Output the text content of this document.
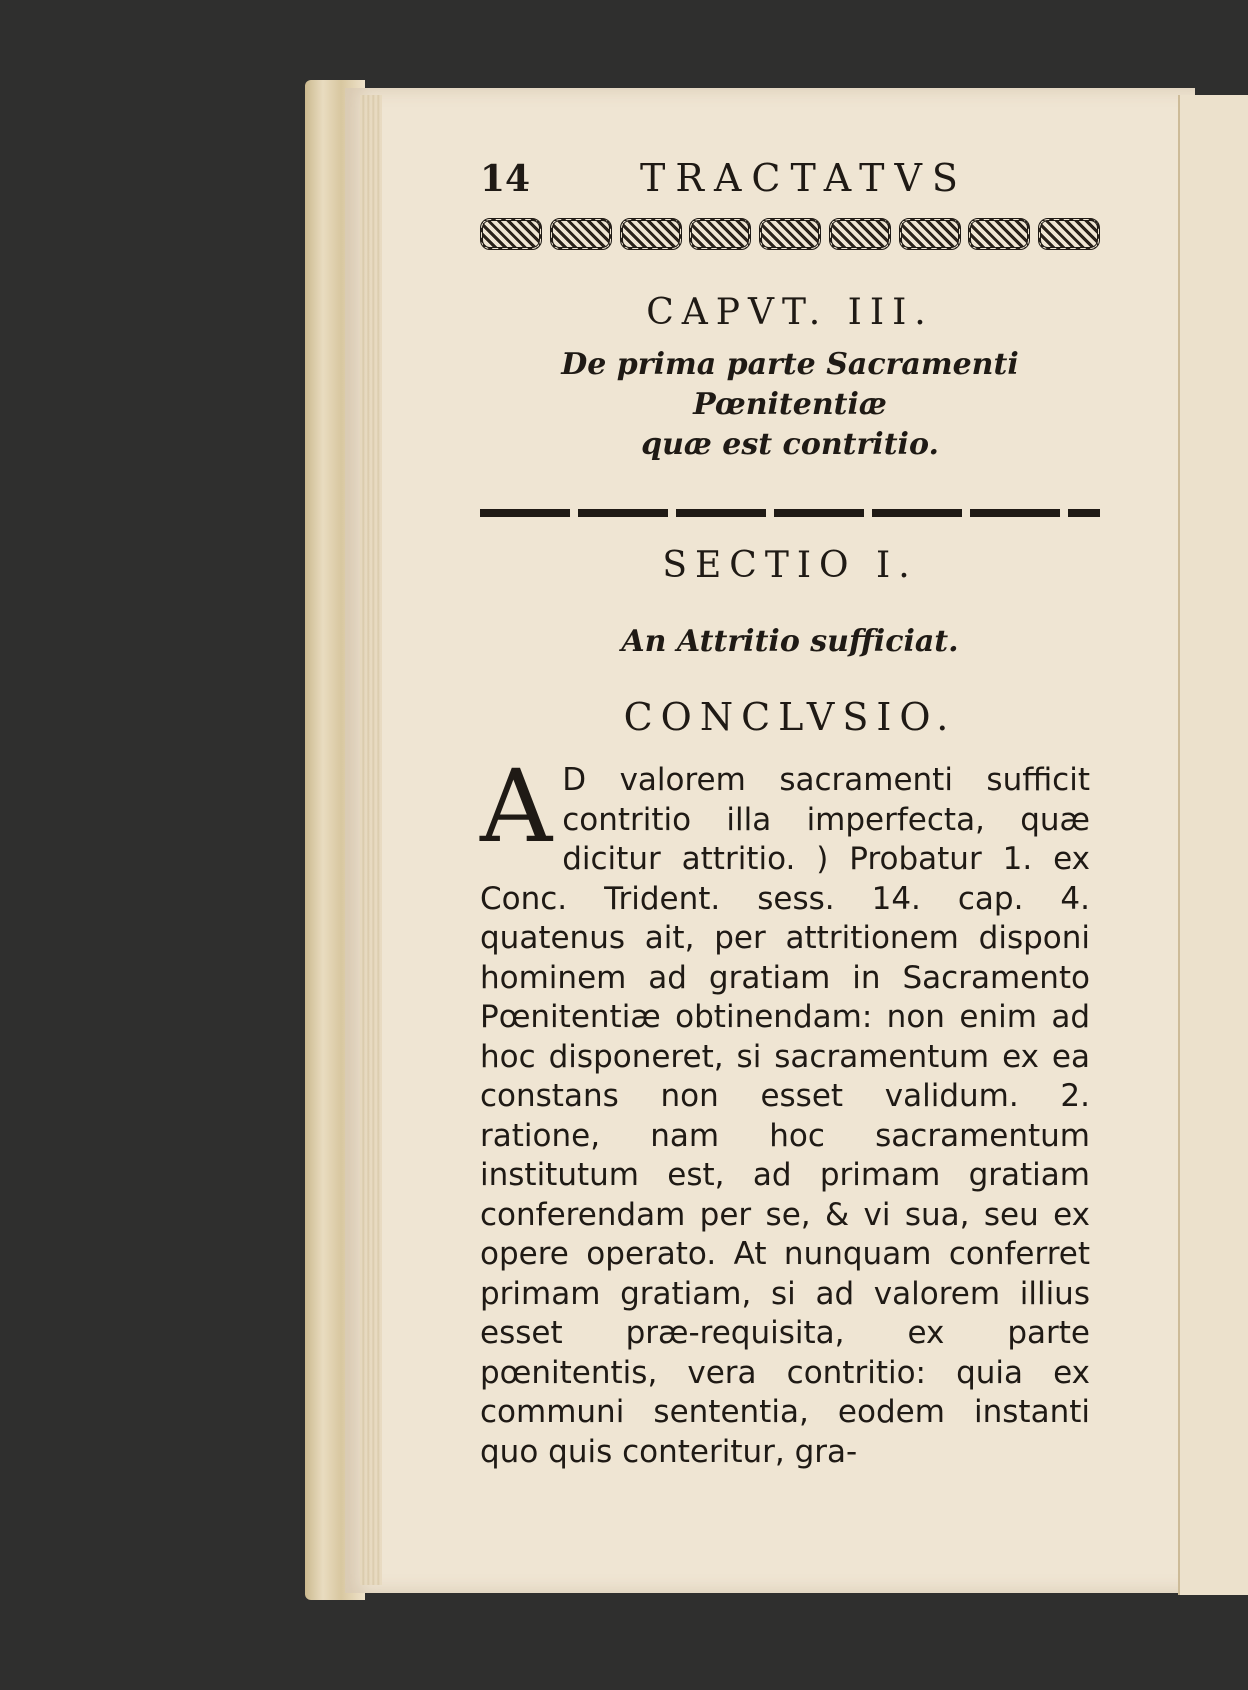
14	TRACTATVS
CAPVT. III.
De prima parte Sacramenti Pœnitentiæ
quæ est contritio.
SECTIO I.
An Attritio sufficiat.
CONCLVSIO.
A D valorem sacramenti sufficit contritio illa imperfecta, quæ dicitur attritio. ) Probatur 1. ex Conc. Trident. sess. 14. cap. 4. quatenus ait, per attritionem disponi hominem ad gratiam in Sacramento Pœnitentiæ obtinendam: non enim ad hoc disponeret, si sacramentum ex ea constans non esset validum. 2. ratione, nam hoc sacramentum institutum est, ad primam gratiam conferendam per se, & vi sua, seu ex opere operato. At nunquam conferret primam gratiam, si ad valorem illius esset præ-requisita, ex parte pœnitentis, vera contritio: quia ex communi sententia, eodem instanti quo quis conteritur, gra-
